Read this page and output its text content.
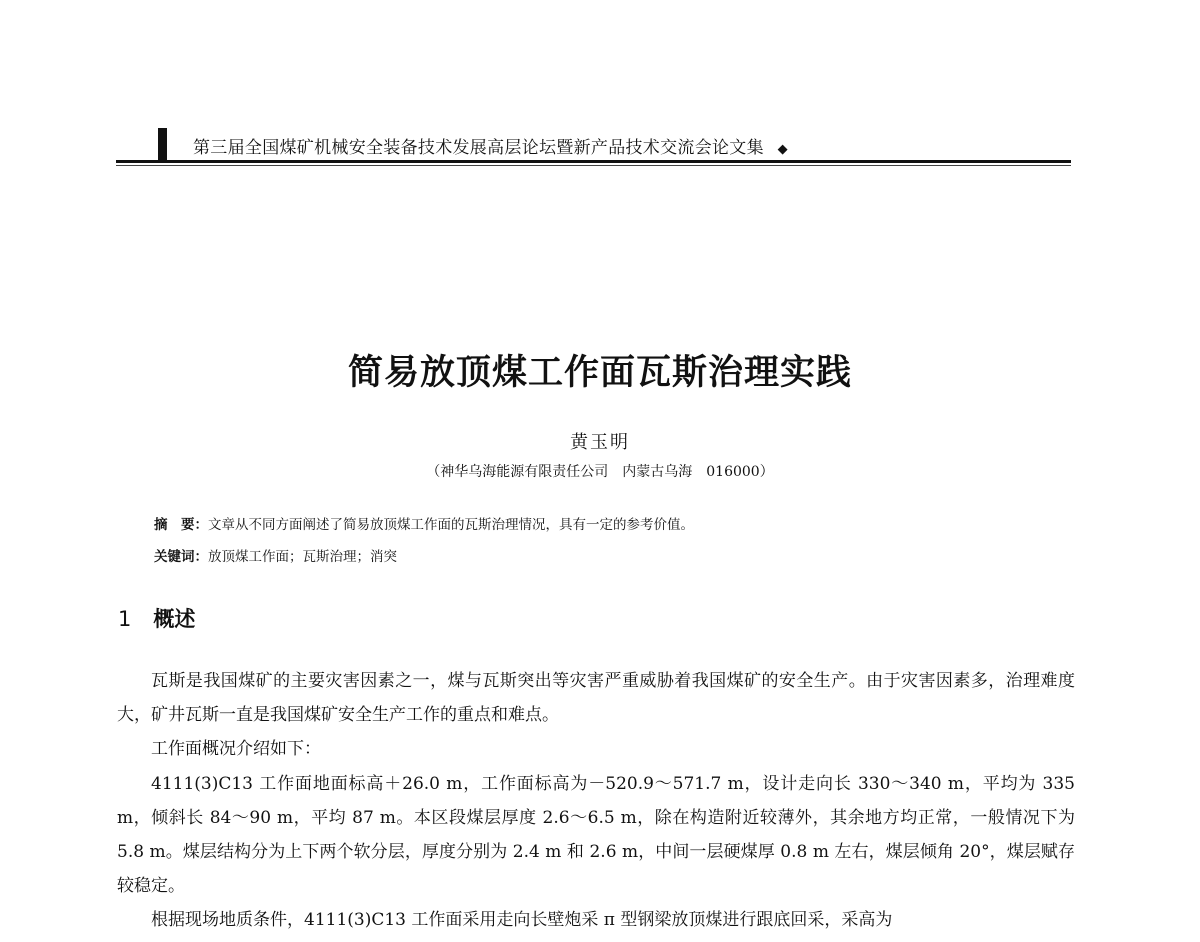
第三届全国煤矿机械安全装备技术发展高层论坛暨新产品技术交流会论文集 ◆
简易放顶煤工作面瓦斯治理实践
黄玉明
（神华乌海能源有限责任公司　内蒙古乌海　016000）
摘　要：文章从不同方面阐述了简易放顶煤工作面的瓦斯治理情况，具有一定的参考价值。
关键词：放顶煤工作面；瓦斯治理；消突
1 概述

瓦斯是我国煤矿的主要灾害因素之一，煤与瓦斯突出等灾害严重威胁着我国煤矿的安全生产。由于灾害因素多，治理难度大，矿井瓦斯一直是我国煤矿安全生产工作的重点和难点。

工作面概况介绍如下：

4111(3)C13 工作面地面标高＋26.0 m，工作面标高为－520.9～571.7 m，设计走向长 330～340 m，平均为 335 m，倾斜长 84～90 m，平均 87 m。本区段煤层厚度 2.6～6.5 m，除在构造附近较薄外，其余地方均正常，一般情况下为 5.8 m。煤层结构分为上下两个软分层，厚度分别为 2.4 m 和 2.6 m，中间一层硬煤厚 0.8 m 左右，煤层倾角 20°，煤层赋存较稳定。

根据现场地质条件，4111(3)C13 工作面采用走向长壁炮采 π 型钢梁放顶煤进行跟底回采，采高为
